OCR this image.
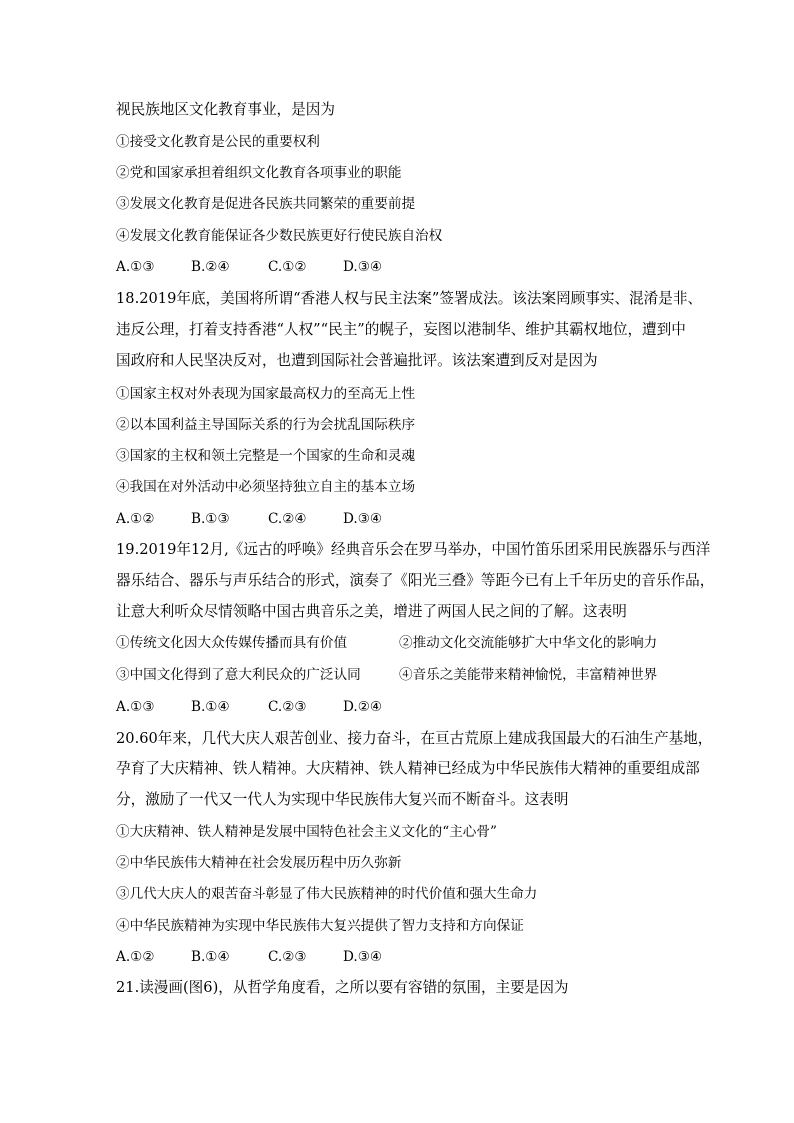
视民族地区文化教育事业，是因为
①接受文化教育是公民的重要权利
②党和国家承担着组织文化教育各项事业的职能
③发展文化教育是促进各民族共同繁荣的重要前提
④发展文化教育能保证各少数民族更好行使民族自治权
A.①③	B.②④	C.①②	D.③④
18.2019年底，美国将所谓“香港人权与民主法案”签署成法。该法案罔顾事实、混淆是非、
违反公理，打着支持香港“人权”“民主”的幌子，妄图以港制华、维护其霸权地位，遭到中
国政府和人民坚决反对，也遭到国际社会普遍批评。该法案遭到反对是因为
①国家主权对外表现为国家最高权力的至高无上性
②以本国利益主导国际关系的行为会扰乱国际秩序
③国家的主权和领土完整是一个国家的生命和灵魂
④我国在对外活动中必须坚持独立自主的基本立场
A.①②	B.①③	C.②④	D.③④
19.2019年12月,《远古的呼唤》经典音乐会在罗马举办，中国竹笛乐团采用民族器乐与西洋
器乐结合、器乐与声乐结合的形式，演奏了《阳光三叠》等距今已有上千年历史的音乐作品，
让意大利听众尽情领略中国古典音乐之美，增进了两国人民之间的了解。这表明
①传统文化因大众传媒传播而具有价值	②推动文化交流能够扩大中华文化的影响力
③中国文化得到了意大利民众的广泛认同	④音乐之美能带来精神愉悦，丰富精神世界
A.①③	B.①④	C.②③	D.②④
20.60年来，几代大庆人艰苦创业、接力奋斗，在亘古荒原上建成我国最大的石油生产基地，
孕育了大庆精神、铁人精神。大庆精神、铁人精神已经成为中华民族伟大精神的重要组成部
分，激励了一代又一代人为实现中华民族伟大复兴而不断奋斗。这表明
①大庆精神、铁人精神是发展中国特色社会主义文化的“主心骨”
②中华民族伟大精神在社会发展历程中历久弥新
③几代大庆人的艰苦奋斗彰显了伟大民族精神的时代价值和强大生命力
④中华民族精神为实现中华民族伟大复兴提供了智力支持和方向保证
A.①②	B.①④	C.②③	D.③④
21.读漫画(图6)，从哲学角度看，之所以要有容错的氛围，主要是因为
